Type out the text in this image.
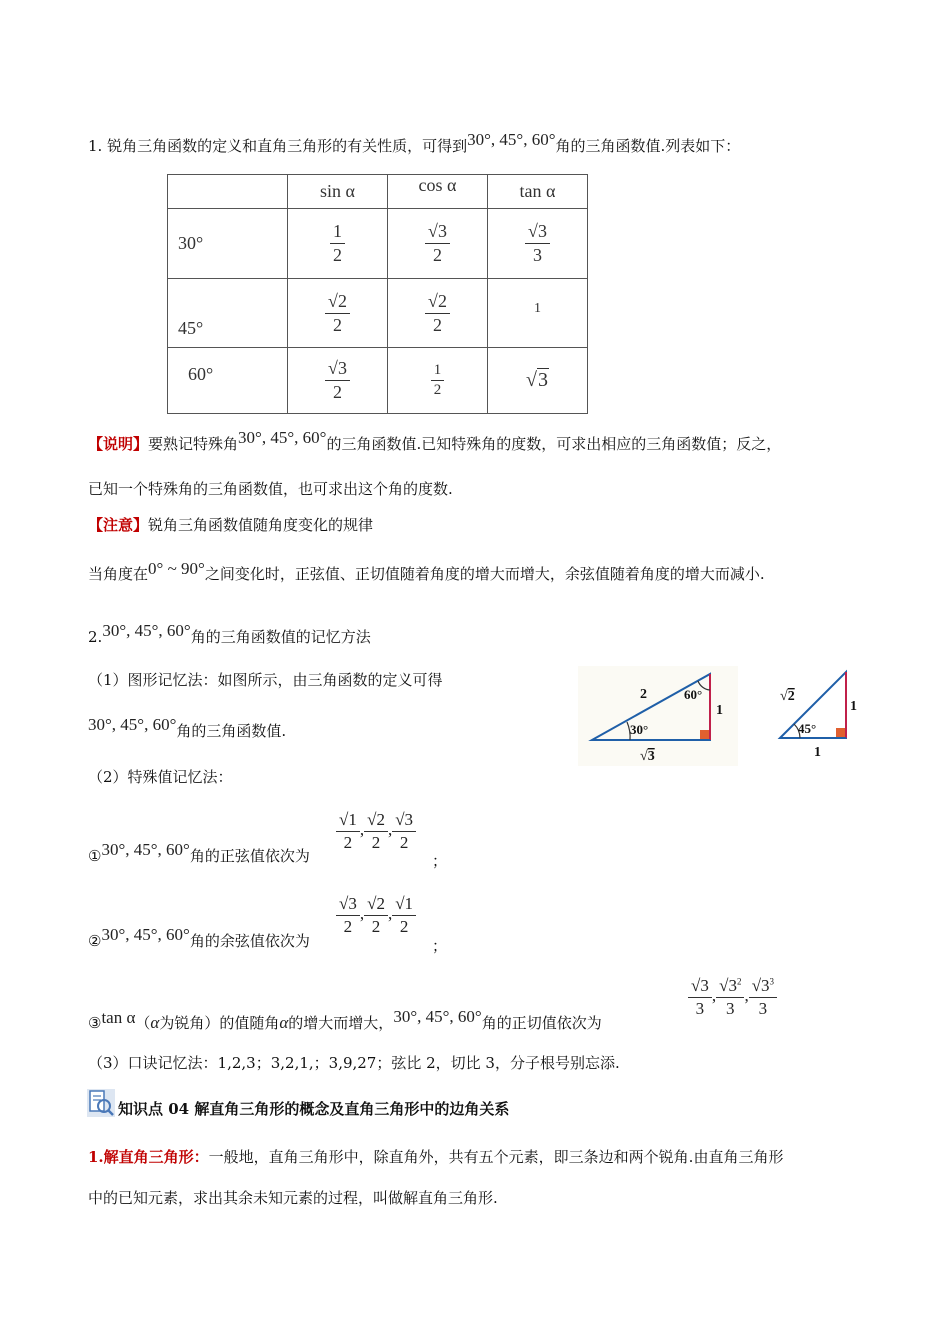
1. 锐角三角函数的定义和直角三角形的有关性质，可得到30°, 45°, 60°角的三角函数值.列表如下：
	sin α	cos α	tan α
30°	$\frac{1}{2}$	$\frac{√3}{2}$	$\frac{√3}{3}$

45°	$\frac{√2}{2}$	$\frac{√2}{2}$	1
60°	$\frac{√3}{2}$	$\frac{1}{2}$	√3
【说明】要熟记特殊角30°, 45°, 60°的三角函数值.已知特殊角的度数，可求出相应的三角函数值；反之，
已知一个特殊角的三角函数值，也可求出这个角的度数.
【注意】锐角三角函数值随角度变化的规律
当角度在0° ~ 90°之间变化时，正弦值、正切值随着角度的增大而增大，余弦值随着角度的增大而减小.
2.30°, 45°, 60°角的三角函数值的记忆方法
（1）图形记忆法：如图所示，由三角函数的定义可得
30°, 45°, 60°角的三角函数值.
2	60°
1
30°
√3
√2
1
45°
1
（2）特殊值记忆法：
①30°, 45°, 60°角的正弦值依次为
$\frac{√1}{2}$ , $\frac{√2}{2}$ , $\frac{√3}{2}$
；
②30°, 45°, 60°角的余弦值依次为
$\frac{√3}{2}$ , $\frac{√2}{2}$ , $\frac{√1}{2}$
；
③tan α（α为锐角）的值随角α的增大而增大，30°, 45°, 60°角的正切值依次为
$\frac{√3}{3}$ , $\frac{√3^2}{3}$ , $\frac{√3^3}{3}$
（3）口诀记忆法：1,2,3；3,2,1,；3,9,27；弦比 2，切比 3，分子根号别忘添.
知识点 04 解直角三角形的概念及直角三角形中的边角关系
1.解直角三角形：一般地，直角三角形中，除直角外，共有五个元素，即三条边和两个锐角.由直角三角形
中的已知元素，求出其余未知元素的过程，叫做解直角三角形.
